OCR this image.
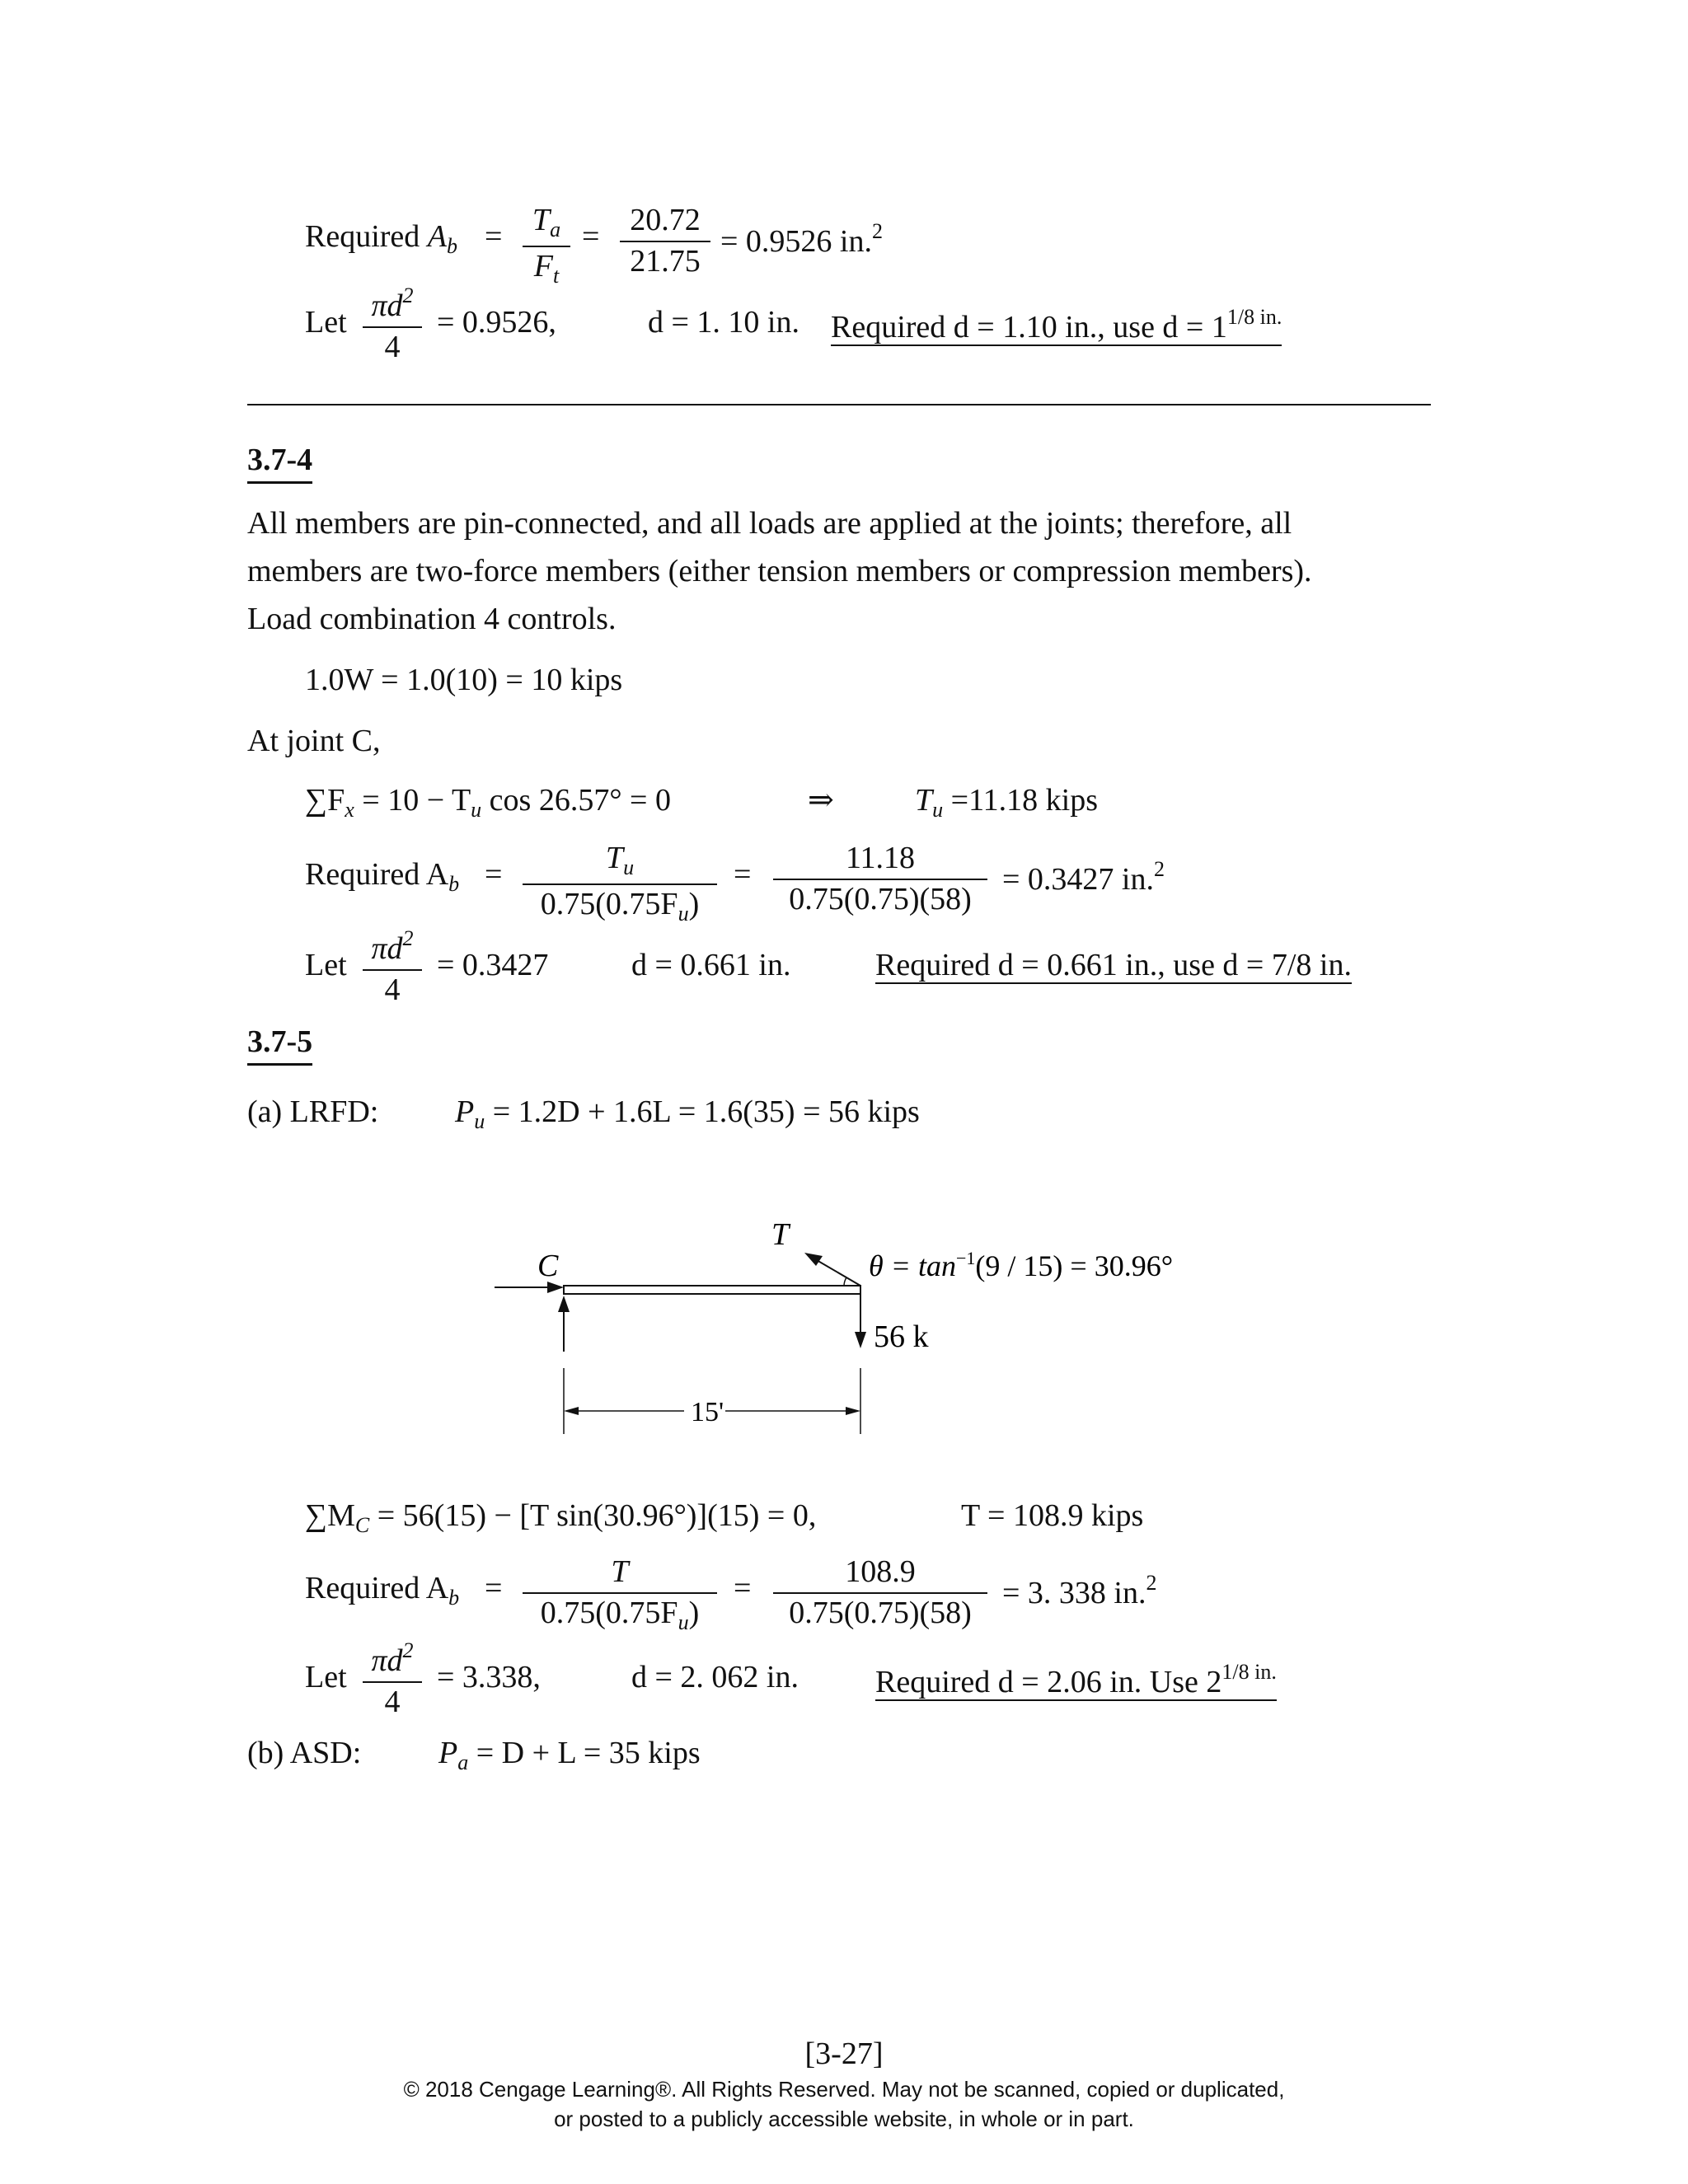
Required $A_b = T_a$
$F_t$
= 20.72
21.75
= 0.9526 in.$^2$
Let $\pi d^2$
4
= 0.9526,	d = 1. 10 in. Required d = 1.10 in., use $d = 1^{1/8 in.}$
3.7-4
All members are pin-connected, and all loads are applied at the joints; therefore, all
members are two-force members (either tension members or compression members).
Load combination 4 controls.
1.0W = 1.0(10) = 10 kips
At joint C,
$\sum F_x = 10 - T_u$ cos 26.57° = 0	⇒	$T_u =11.18$ kips
Required $A_b$ =	$T_u$
$0.75(0.75F_u)$
=	11.18
0.75(0.75)(58)
= 0.3427 in.$^2$
Let $\pi d^2$
4
= 0.3427	d = 0.661 in.	Required d = 0.661 in., use d = 7/8 in.
3.7-5
(a) LRFD: $P_u = 1.2D + 1.6L = 1.6(35) = 56$ kips
C
T
56 k
15'
$\theta = \tan^{-1}(9 / 15) = 30.96^\circ$
$\sum M_C = 56(15) - [T$ sin(30.96°)](15) = 0,	T = 108.9 kips
Required $A_b$ =	T
$0.75(0.75F_u)$
=	108.9
0.75(0.75)(58)
= 3. 338 in.$^2$
Let $\pi d^2$
4
= 3.338,	d = 2. 062 in. Required d = 2.06 in. Use $2^{1/8 in.}$
(b) ASD: $P_a = D + L = 35$ kips
[3-27]
© 2018 Cengage Learning®. All Rights Reserved. May not be scanned, copied or duplicated,
or posted to a publicly accessible website, in whole or in part.
